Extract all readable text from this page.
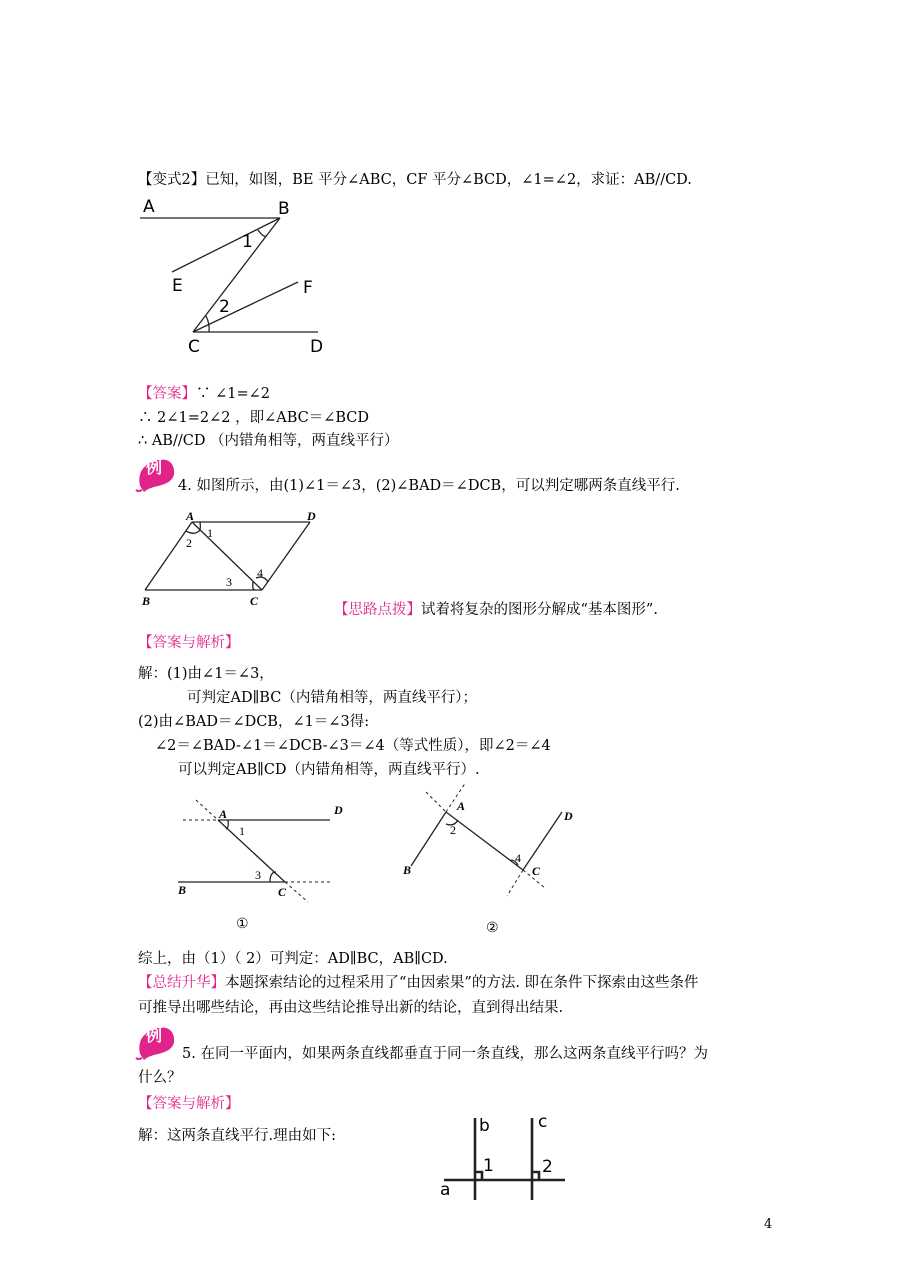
【变式2】已知，如图，BE 平分∠ABC，CF 平分∠BCD，∠1=∠2，求证：AB//CD.
A	B
1
E	F
2
C	D
【答案】∵ ∠1=∠2
∴ 2∠1=2∠2 ，即∠ABC＝∠BCD
∴ AB//CD （内错角相等，两直线平行）
例
4. 如图所示，由(1)∠1＝∠3，(2)∠BAD＝∠DCB，可以判定哪两条直线平行.
A	D
1
2
3
4
B	C
【思路点拨】试着将复杂的图形分解成“基本图形”.
【答案与解析】
解：(1)由∠1＝∠3，
可判定AD∥BC（内错角相等，两直线平行）；
(2)由∠BAD＝∠DCB，∠1＝∠3得:
∠2＝∠BAD-∠1＝∠DCB-∠3＝∠4（等式性质），即∠2＝∠4
可以判定AB∥CD（内错角相等，两直线平行）.
A	D
1
3
B	C
①
A
2
D
4
C
B
②
综上，由（1）（ 2）可判定：AD∥BC，AB∥CD.
【总结升华】本题探索结论的过程采用了“由因索果”的方法. 即在条件下探索由这些条件
可推导出哪些结论，再由这些结论推导出新的结论，直到得出结果.
例
5. 在同一平面内，如果两条直线都垂直于同一条直线，那么这两条直线平行吗？为
什么？
【答案与解析】
解：这两条直线平行.理由如下:	b	c
1	2
a
4
